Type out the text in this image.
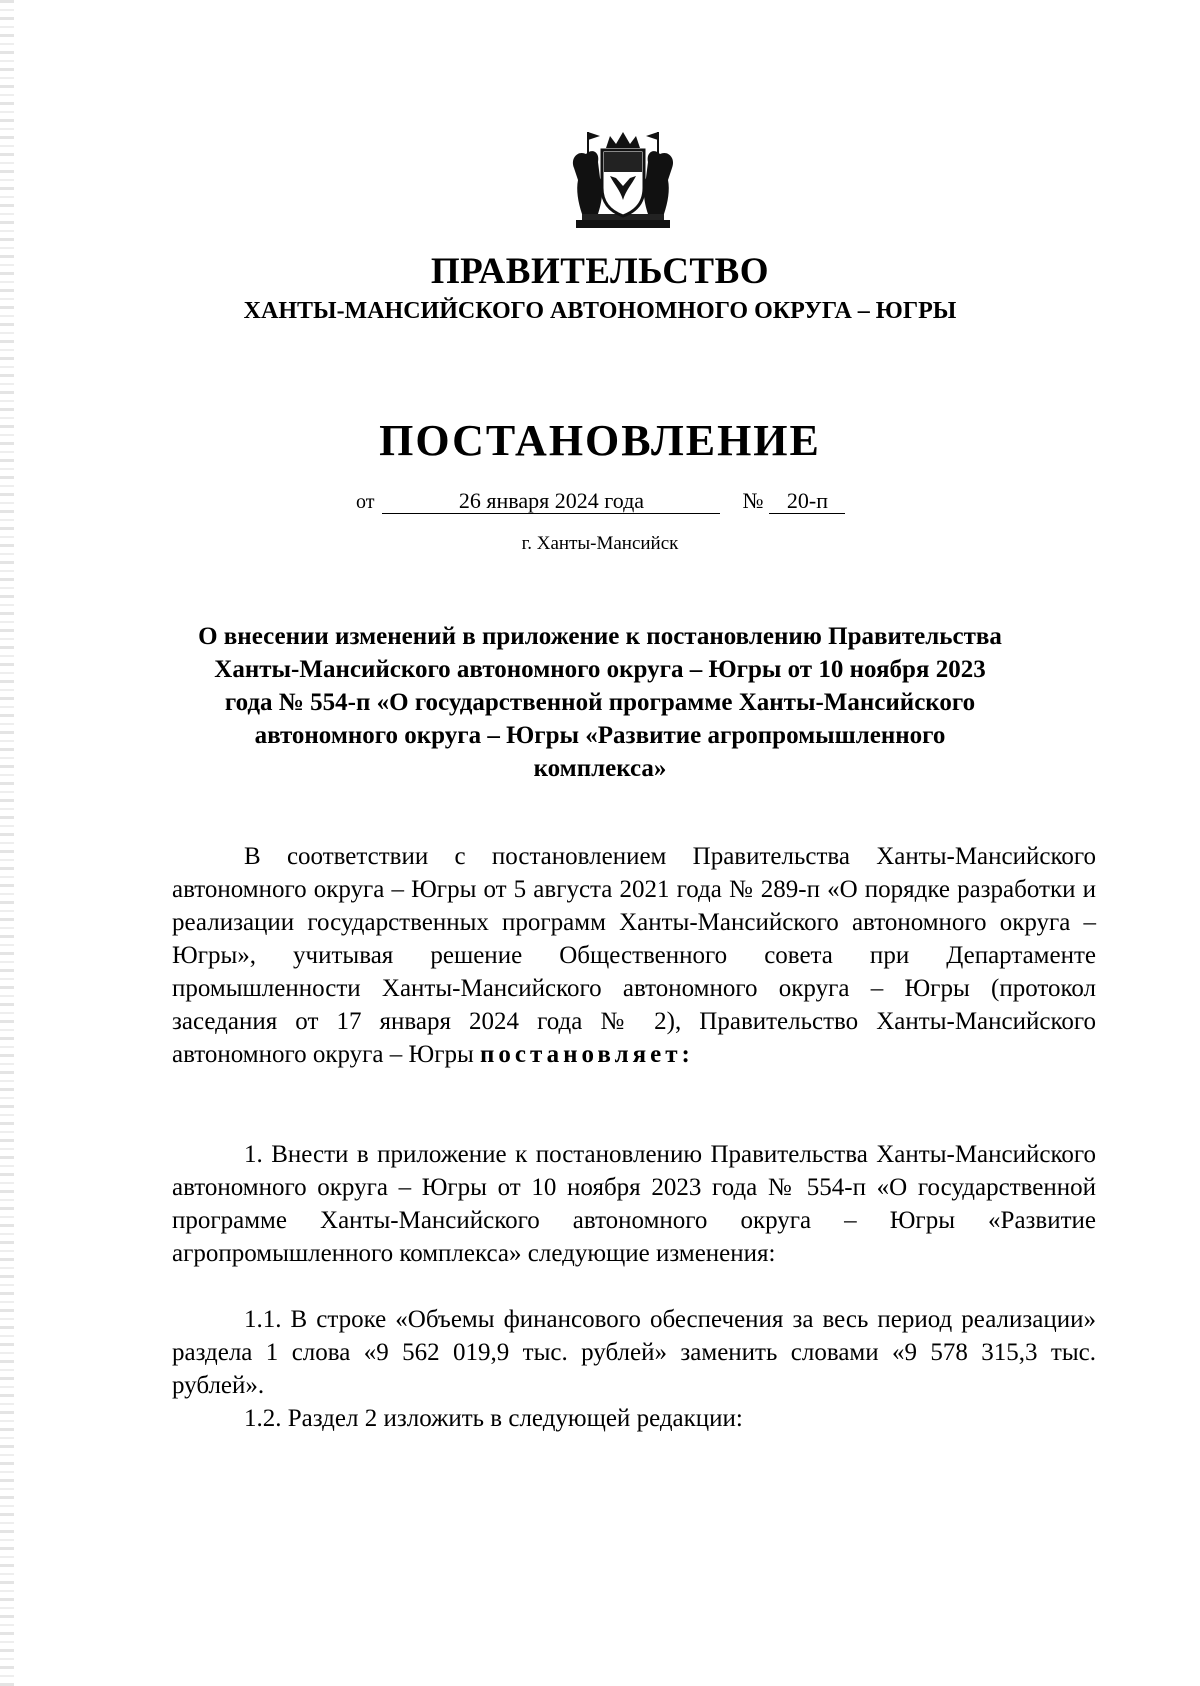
ПРАВИТЕЛЬСТВО
ХАНТЫ-МАНСИЙСКОГО АВТОНОМНОГО ОКРУГА – ЮГРЫ
ПОСТАНОВЛЕНИЕ
от	26 января 2024 года	№ 20-п
г. Ханты-Мансийск

О внесении изменений в приложение к постановлению Правительства Ханты-Мансийского автономного округа – Югры от 10 ноября 2023 года № 554-п «О государственной программе Ханты-Мансийского автономного округа – Югры «Развитие агропромышленного комплекса»

В соответствии с постановлением Правительства Ханты-Мансийского автономного округа – Югры от 5 августа 2021 года № 289-п «О порядке разработки и реализации государственных программ Ханты-Мансийского автономного округа – Югры», учитывая решение Общественного совета при Департаменте промышленности Ханты-Мансийского автономного округа – Югры (протокол заседания от 17 января 2024 года № 2), Правительство Ханты-Мансийского автономного округа – Югры постановляет:

1. Внести в приложение к постановлению Правительства Ханты-Мансийского автономного округа – Югры от 10 ноября 2023 года № 554-п «О государственной программе Ханты-Мансийского автономного округа – Югры «Развитие агропромышленного комплекса» следующие изменения:

1.1. В строке «Объемы финансового обеспечения за весь период реализации» раздела 1 слова «9 562 019,9 тыс. рублей» заменить словами «9 578 315,3 тыс. рублей».

1.2. Раздел 2 изложить в следующей редакции:
